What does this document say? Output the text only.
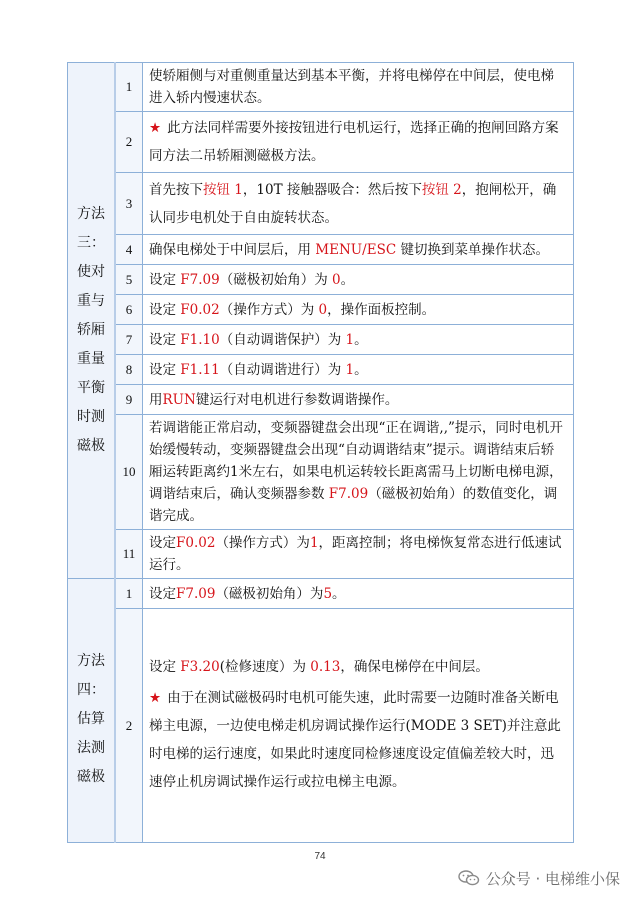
方法三：使对重与轿厢重量平衡时测磁极	1	使轿厢侧与对重侧重量达到基本平衡，并将电梯停在中间层，使电梯进入轿内慢速状态。
	2	★ 此方法同样需要外接按钮进行电机运行，选择正确的抱闸回路方案同方法二吊轿厢测磁极方法。
	3	首先按下按钮 1，10T 接触器吸合：然后按下按钮 2，抱闸松开，确认同步电机处于自由旋转状态。
	4	确保电梯处于中间层后，用 MENU/ESC 键切换到菜单操作状态。
	5	设定 F7.09（磁极初始角）为 0。
	6	设定 F0.02（操作方式）为 0，操作面板控制。
	7	设定 F1.10（自动调谐保护）为 1。
	8	设定 F1.11（自动调谐进行）为 1。
	9	用RUN键运行对电机进行参数调谐操作。
	10	若调谐能正常启动，变频器键盘会出现“正在调谐,,”提示，同时电机开始缓慢转动，变频器键盘会出现“自动调谐结束”提示。调谐结束后轿厢运转距离约1米左右，如果电机运转较长距离需马上切断电梯电源，调谐结束后，确认变频器参数 F7.09（磁极初始角）的数值变化，调谐完成。
	11	设定F0.02（操作方式）为1，距离控制；将电梯恢复常态进行低速试运行。
方法四：估算法测磁极	1	设定F7.09（磁极初始角）为5。
	2	设定 F3.20(检修速度）为 0.13，确保电梯停在中间层。

★ 由于在测试磁极码时电机可能失速，此时需要一边随时准备关断电梯主电源，一边使电梯走机房调试操作运行(MODE 3 SET)并注意此时电梯的运行速度，如果此时速度同检修速度设定值偏差较大时，迅速停止机房调试操作运行或拉电梯主电源。

74
公众号 · 电梯维小保
